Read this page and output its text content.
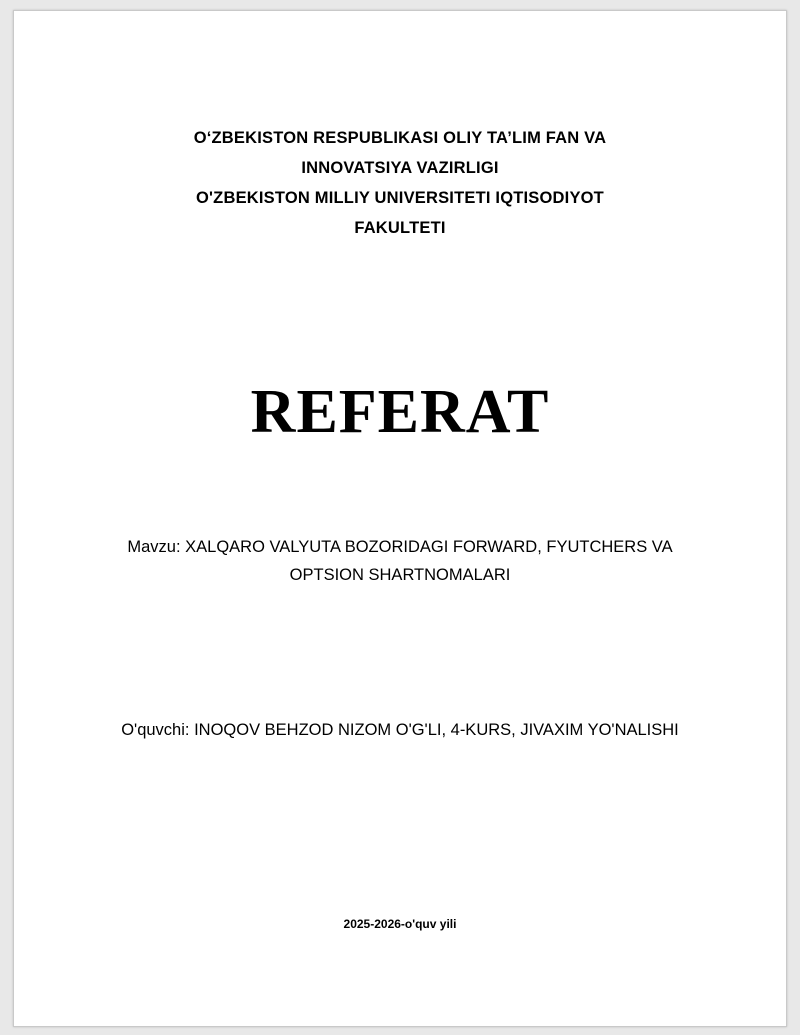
O‘ZBEKISTON RESPUBLIKASI OLIY TA’LIM FAN VA
INNOVATSIYA VAZIRLIGI
O'ZBEKISTON MILLIY UNIVERSITETI IQTISODIYOT
FAKULTETI
REFERAT
Mavzu: XALQARO VALYUTA BOZORIDAGI FORWARD, FYUTCHERS VA OPTSION SHARTNOMALARI
O'quvchi: INOQOV BEHZOD NIZOM O'G'LI, 4-KURS, JIVAXIM YO'NALISHI
2025-2026-o'quv yili
